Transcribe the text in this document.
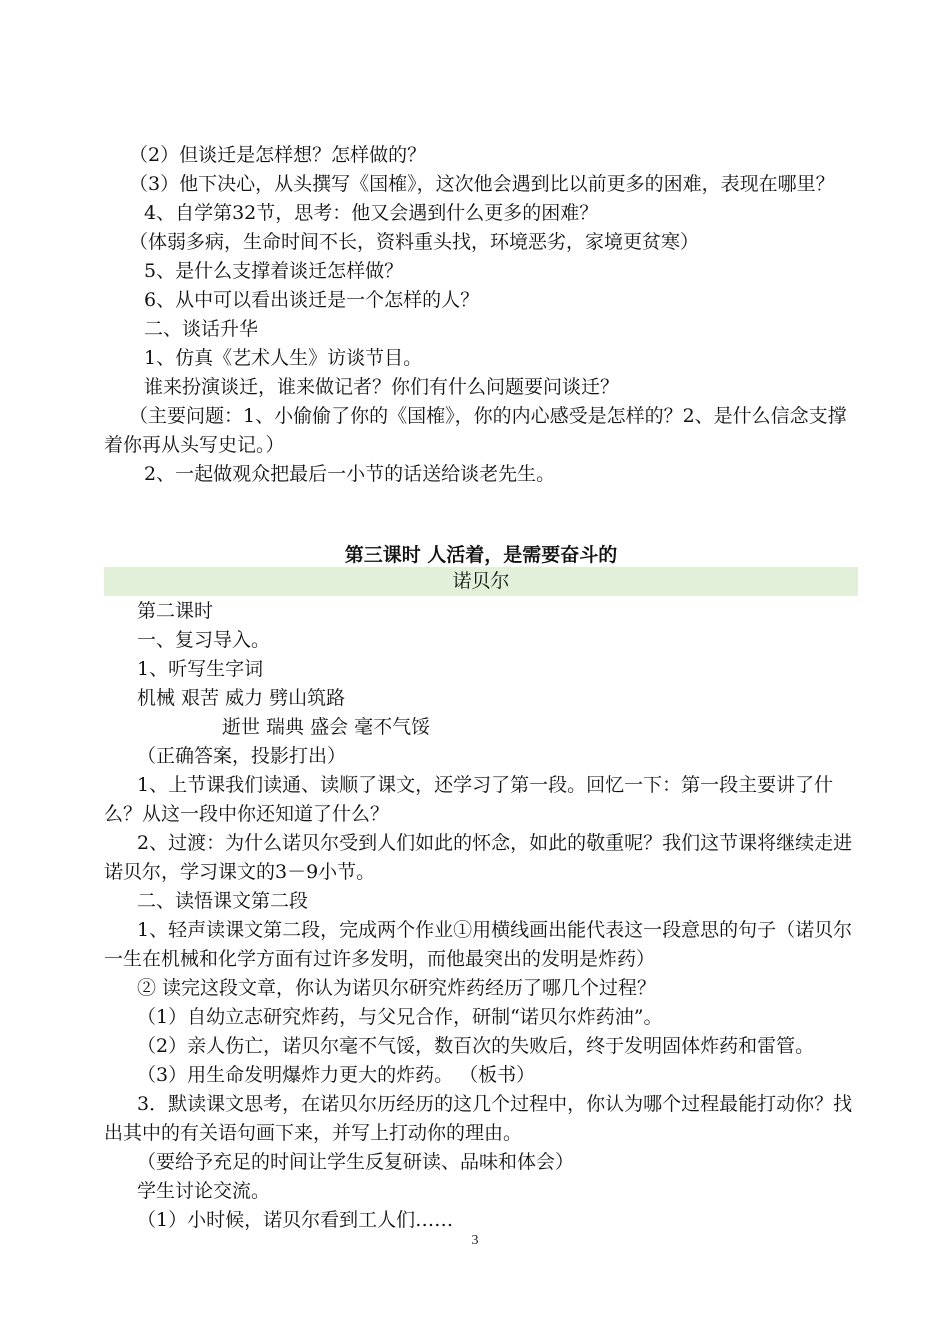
（2）但谈迁是怎样想？怎样做的？

（3）他下决心，从头撰写《国榷》，这次他会遇到比以前更多的困难，表现在哪里？

4、自学第32节，思考：他又会遇到什么更多的困难？

（体弱多病，生命时间不长，资料重头找，环境恶劣，家境更贫寒）

5、是什么支撑着谈迁怎样做？

6、从中可以看出谈迁是一个怎样的人？

二、谈话升华

1、仿真《艺术人生》访谈节目。

谁来扮演谈迁，谁来做记者？你们有什么问题要问谈迁？

（主要问题：1、小偷偷了你的《国榷》，你的内心感受是怎样的？2、是什么信念支撑着你再从头写史记。）

2、一起做观众把最后一小节的话送给谈老先生。

第三课时 人活着，是需要奋斗的
诺贝尔

第二课时

一、复习导入。

1、听写生字词

机械 艰苦 威力 劈山筑路

逝世 瑞典 盛会 毫不气馁

（正确答案，投影打出）

1、上节课我们读通、读顺了课文，还学习了第一段。回忆一下：第一段主要讲了什么？从这一段中你还知道了什么？

2、过渡：为什么诺贝尔受到人们如此的怀念，如此的敬重呢？我们这节课将继续走进诺贝尔，学习课文的3－9小节。

二、读悟课文第二段

1、轻声读课文第二段，完成两个作业①用横线画出能代表这一段意思的句子（诺贝尔一生在机械和化学方面有过许多发明，而他最突出的发明是炸药）

② 读完这段文章，你认为诺贝尔研究炸药经历了哪几个过程？

（1）自幼立志研究炸药，与父兄合作，研制“诺贝尔炸药油”。

（2）亲人伤亡，诺贝尔毫不气馁，数百次的失败后，终于发明固体炸药和雷管。

（3）用生命发明爆炸力更大的炸药。 （板书）

3．默读课文思考，在诺贝尔历经历的这几个过程中，你认为哪个过程最能打动你？找出其中的有关语句画下来，并写上打动你的理由。

（要给予充足的时间让学生反复研读、品味和体会）

学生讨论交流。

（1）小时候，诺贝尔看到工人们……

3
